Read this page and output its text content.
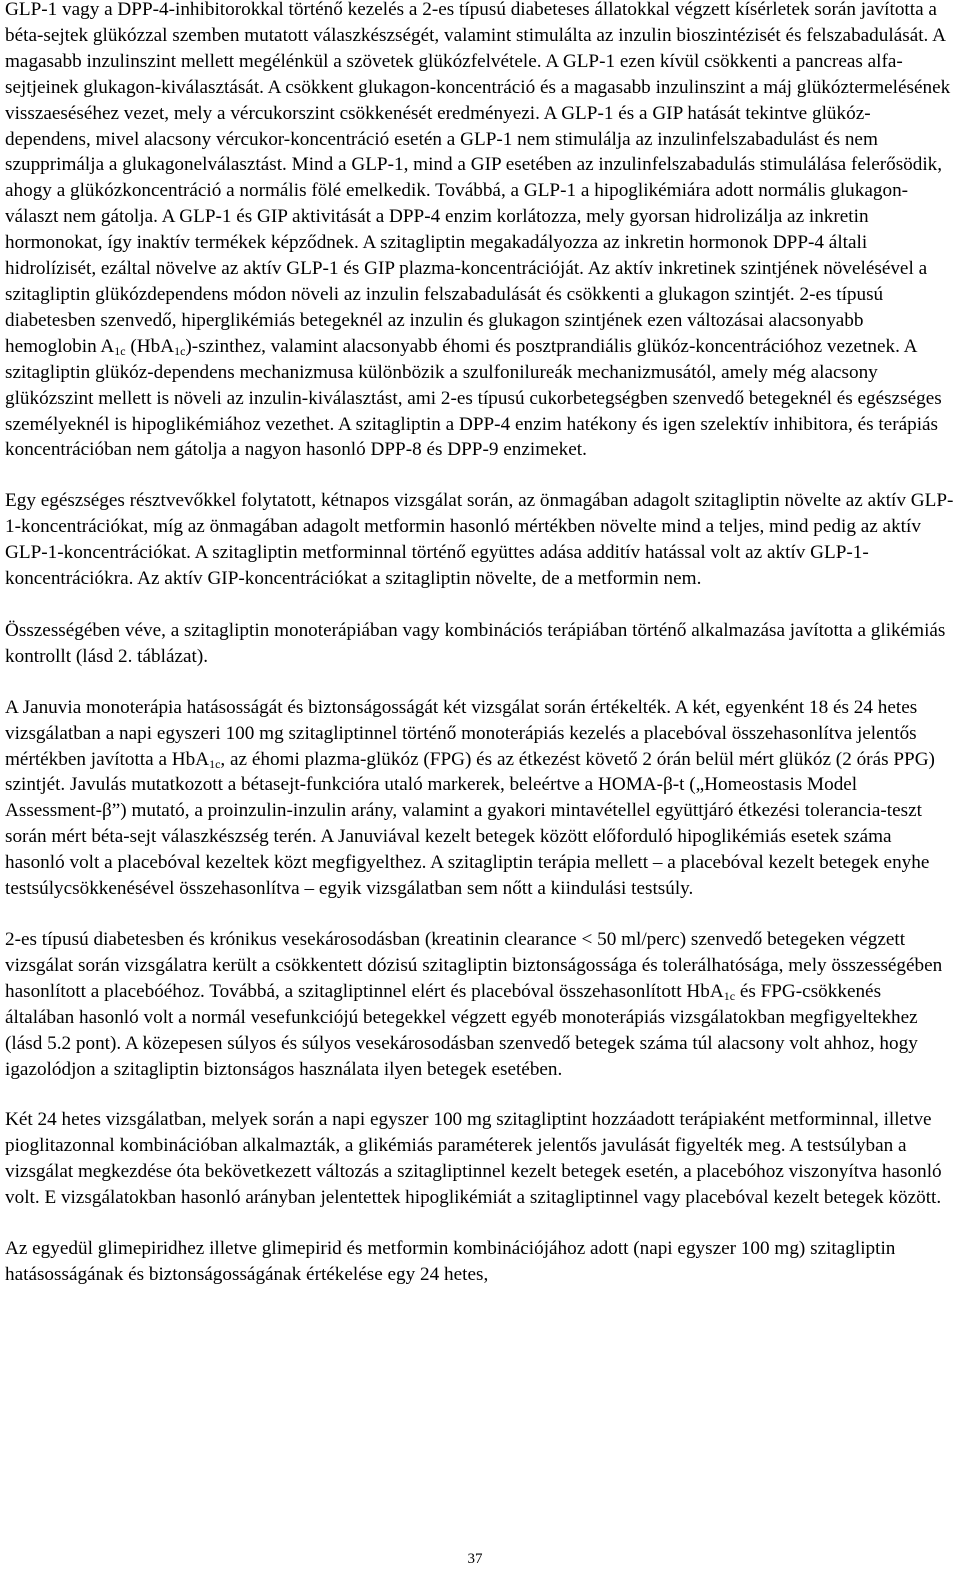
GLP-1 vagy a DPP-4-inhibitorokkal történő kezelés a 2-es típusú diabeteses állatokkal végzett kísérletek során javította a béta-sejtek glükózzal szemben mutatott válaszkészségét, valamint stimulálta az inzulin bioszintézisét és felszabadulását. A magasabb inzulinszint mellett megélénkül a szövetek glükózfelvétele. A GLP-1 ezen kívül csökkenti a pancreas alfa-sejtjeinek glukagon-kiválasztását. A csökkent glukagon-koncentráció és a magasabb inzulinszint a máj glükóztermelésének visszaeséséhez vezet, mely a vércukorszint csökkenését eredményezi. A GLP-1 és a GIP hatását tekintve glükóz-dependens, mivel alacsony vércukor-koncentráció esetén a GLP-1 nem stimulálja az inzulinfelszabadulást és nem szupprimálja a glukagonelválasztást. Mind a GLP-1, mind a GIP esetében az inzulinfelszabadulás stimulálása felerősödik, ahogy a glükózkoncentráció a normális fölé emelkedik. Továbbá, a GLP-1 a hipoglikémiára adott normális glukagon-választ nem gátolja. A GLP-1 és GIP aktivitását a DPP-4 enzim korlátozza, mely gyorsan hidrolizálja az inkretin hormonokat, így inaktív termékek képződnek. A szitagliptin megakadályozza az inkretin hormonok DPP-4 általi hidrolízisét, ezáltal növelve az aktív GLP-1 és GIP plazma-koncentrációját. Az aktív inkretinek szintjének növelésével a szitagliptin glükózdependens módon növeli az inzulin felszabadulását és csökkenti a glukagon szintjét. 2-es típusú diabetesben szenvedő, hiperglikémiás betegeknél az inzulin és glukagon szintjének ezen változásai alacsonyabb hemoglobin $A_{1c}$ (HbA$_{1c}$)-szinthez, valamint alacsonyabb éhomi és posztprandiális glükóz-koncentrációhoz vezetnek. A szitagliptin glükóz-dependens mechanizmusa különbözik a szulfonilureák mechanizmusától, amely még alacsony glükózszint mellett is növeli az inzulin-kiválasztást, ami 2-es típusú cukorbetegségben szenvedő betegeknél és egészséges személyeknél is hipoglikémiához vezethet. A szitagliptin a DPP-4 enzim hatékony és igen szelektív inhibitora, és terápiás koncentrációban nem gátolja a nagyon hasonló DPP-8 és DPP-9 enzimeket.

Egy egészséges résztvevőkkel folytatott, kétnapos vizsgálat során, az önmagában adagolt szitagliptin növelte az aktív GLP-1-koncentrációkat, míg az önmagában adagolt metformin hasonló mértékben növelte mind a teljes, mind pedig az aktív GLP-1-koncentrációkat. A szitagliptin metforminnal történő együttes adása additív hatással volt az aktív GLP-1-koncentrációkra. Az aktív GIP-koncentrációkat a szitagliptin növelte, de a metformin nem.

Összességében véve, a szitagliptin monoterápiában vagy kombinációs terápiában történő alkalmazása javította a glikémiás kontrollt (lásd 2. táblázat).

A Januvia monoterápia hatásosságát és biztonságosságát két vizsgálat során értékelték. A két, egyenként 18 és 24 hetes vizsgálatban a napi egyszeri 100 mg szitagliptinnel történő monoterápiás kezelés a placebóval összehasonlítva jelentős mértékben javította a HbA$_{1c}$, az éhomi plazma-glükóz (FPG) és az étkezést követő 2 órán belül mért glükóz (2 órás PPG) szintjét. Javulás mutatkozott a bétasejt-funkcióra utaló markerek, beleértve a HOMA-β-t („Homeostasis Model Assessment-β”) mutató, a proinzulin-inzulin arány, valamint a gyakori mintavétellel együttjáró étkezési tolerancia-teszt során mért béta-sejt válaszkészség terén. A Januviával kezelt betegek között előforduló hipoglikémiás esetek száma hasonló volt a placebóval kezeltek közt megfigyelthez. A szitagliptin terápia mellett – a placebóval kezelt betegek enyhe testsúlycsökkenésével összehasonlítva – egyik vizsgálatban sem nőtt a kiindulási testsúly.

2-es típusú diabetesben és krónikus vesekárosodásban (kreatinin clearance < 50 ml/perc) szenvedő betegeken végzett vizsgálat során vizsgálatra került a csökkentett dózisú szitagliptin biztonságossága és tolerálhatósága, mely összességében hasonlított a placebóéhoz. Továbbá, a szitagliptinnel elért és placebóval összehasonlított HbA$_{1c}$ és FPG-csökkenés általában hasonló volt a normál vesefunkciójú betegekkel végzett egyéb monoterápiás vizsgálatokban megfigyeltekhez (lásd 5.2 pont). A közepesen súlyos és súlyos vesekárosodásban szenvedő betegek száma túl alacsony volt ahhoz, hogy igazolódjon a szitagliptin biztonságos használata ilyen betegek esetében.

Két 24 hetes vizsgálatban, melyek során a napi egyszer 100 mg szitagliptint hozzáadott terápiaként metforminnal, illetve pioglitazonnal kombinációban alkalmazták, a glikémiás paraméterek jelentős javulását figyelték meg. A testsúlyban a vizsgálat megkezdése óta bekövetkezett változás a szitagliptinnel kezelt betegek esetén, a placebóhoz viszonyítva hasonló volt. E vizsgálatokban hasonló arányban jelentettek hipoglikémiát a szitagliptinnel vagy placebóval kezelt betegek között.

Az egyedül glimepiridhez illetve glimepirid és metformin kombinációjához adott (napi egyszer 100 mg) szitagliptin hatásosságának és biztonságosságának értékelése egy 24 hetes,

37
